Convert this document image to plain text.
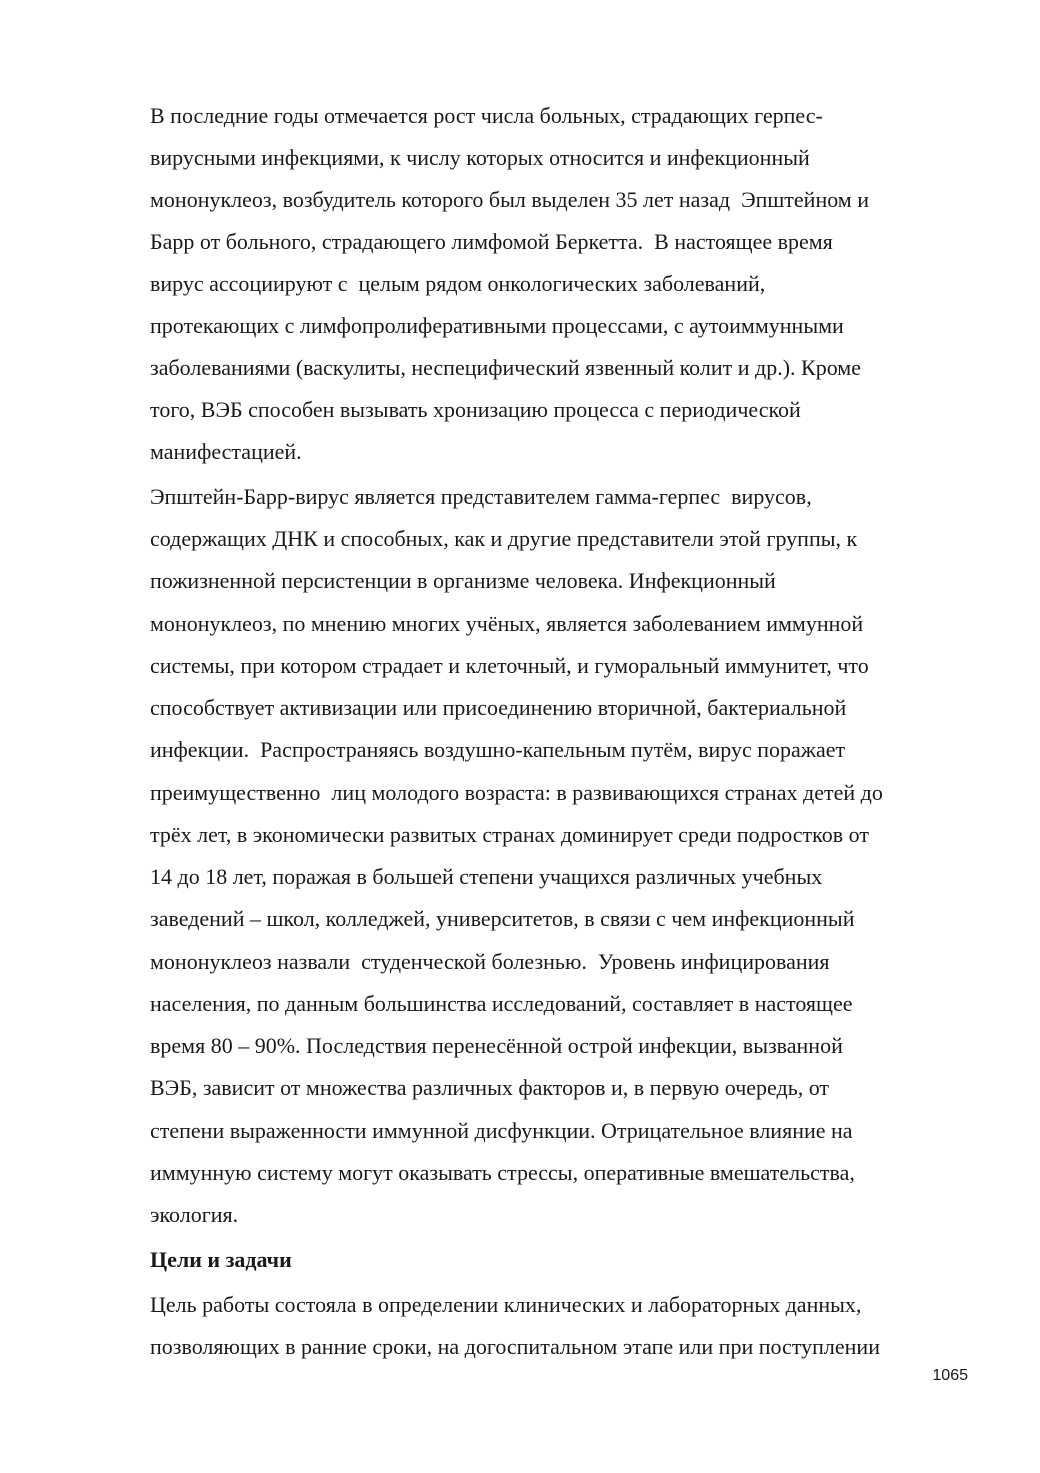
В последние годы отмечается рост числа больных, страдающих герпес-
вирусными инфекциями, к числу которых относится и инфекционный
мононуклеоз, возбудитель которого был выделен 35 лет назад  Эпштейном и
Барр от больного, страдающего лимфомой Беркетта.  В настоящее время
вирус ассоциируют с  целым рядом онкологических заболеваний,
протекающих с лимфопролиферативными процессами, с аутоиммунными
заболеваниями (васкулиты, неспецифический язвенный колит и др.). Кроме
того, ВЭБ способен вызывать хронизацию процесса с периодической
манифестацией.
Эпштейн-Барр-вирус является представителем гамма-герпес  вирусов,
содержащих ДНК и способных, как и другие представители этой группы, к
пожизненной персистенции в организме человека. Инфекционный
мононуклеоз, по мнению многих учёных, является заболеванием иммунной
системы, при котором страдает и клеточный, и гуморальный иммунитет, что
способствует активизации или присоединению вторичной, бактериальной
инфекции.  Распространяясь воздушно-капельным путём, вирус поражает
преимущественно  лиц молодого возраста: в развивающихся странах детей до
трёх лет, в экономически развитых странах доминирует среди подростков от
14 до 18 лет, поражая в большей степени учащихся различных учебных
заведений – школ, колледжей, университетов, в связи с чем инфекционный
мононуклеоз назвали  студенческой болезнью.  Уровень инфицирования
населения, по данным большинства исследований, составляет в настоящее
время 80 – 90%. Последствия перенесённой острой инфекции, вызванной
ВЭБ, зависит от множества различных факторов и, в первую очередь, от
степени выраженности иммунной дисфункции. Отрицательное влияние на
иммунную систему могут оказывать стрессы, оперативные вмешательства,
экология.
Цели и задачи
Цель работы состояла в определении клинических и лабораторных данных,
позволяющих в ранние сроки, на догоспитальном этапе или при поступлении
1065
